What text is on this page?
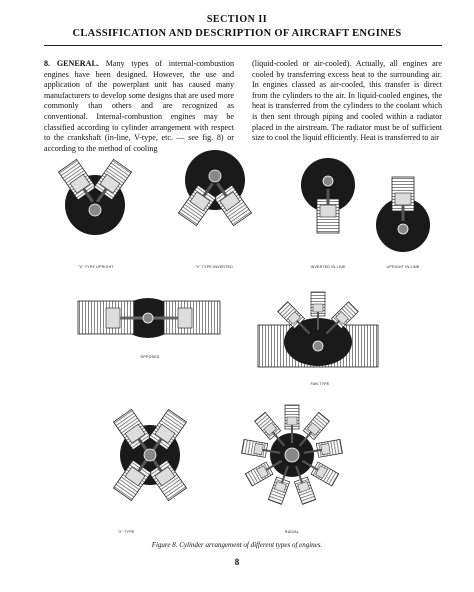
SECTION II
CLASSIFICATION AND DESCRIPTION OF AIRCRAFT ENGINES
8. GENERAL. Many types of internal-combustion engines have been designed. However, the use and application of the powerplant unit has caused many manufacturers to develop some designs that are used more commonly than others and are recognized as conventional. Internal-combustion engines may be classified according to cylinder arrangement with respect to the crankshaft (in-line, V-type, etc. — see fig. 8) or according to the method of cooling
(liquid-cooled or air-cooled). Actually, all engines are cooled by transferring excess heat to the surrounding air. In engines classed as air-cooled, this transfer is direct from the cylinders to the air. In liquid-cooled engines, the heat is transferred from the cylinders to the coolant which is then sent through piping and cooled within a radiator placed in the airstream. The radiator must be of sufficient size to cool the liquid efficiently. Heat is transferred to air
"V" TYPE UPRIGHT	"V" TYPE INVERTED	INVERTED IN-LINE	UPRIGHT IN-LINE
OPPOSED
FAN TYPE
"X" TYPE	RADIAL
Figure 8. Cylinder arrangement of different types of engines.
8
